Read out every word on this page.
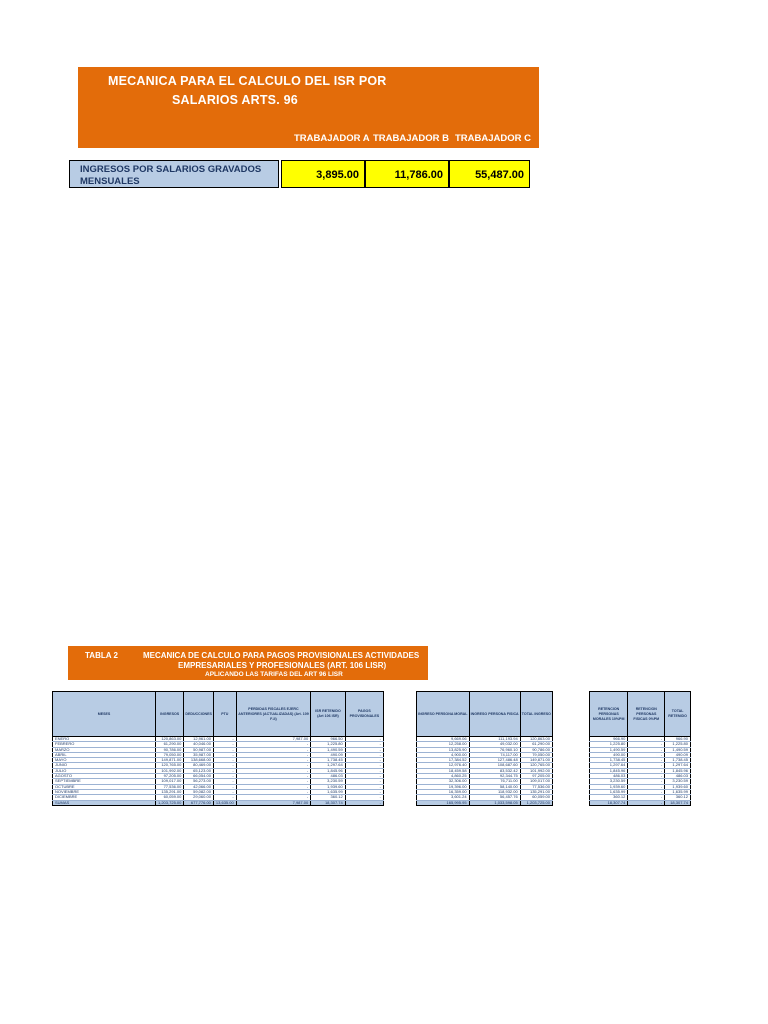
MECANICA PARA EL CALCULO DEL ISR POR
SALARIOS ARTS. 96
TRABAJADOR A TRABAJADOR B TRABAJADOR C
INGRESOS POR SALARIOS GRAVADOS
MENSUALES
3,895.00	11,786.00	55,487.00
TABLA 2	MECANICA DE CALCULO PARA PAGOS PROVISIONALES ACTIVIDADES
EMPRESARIALES Y PROFESIONALES (ART. 106 LISR)
APLICANDO LAS TARIFAS DEL ART 96 LISR
MESES	INGRESOS	DEDUCCIONES	PTU	PERDIDAS FISCALES EJERC ANTERIORES (ACTUALIZADAS) (Art. 109 F-II)	ISR RETENIDO (Art 106 ISR)	PAGOS PROVISIONALES
ENERO	120,863.00	12,961.00	-	7,987.00	966.50	-
FEBRERO	61,290.00	40,046.00	-	-	1,225.80	-
MARZO	90,786.00	50,987.00	-	-	1,490.59	-
ABRIL	79,050.00	35,987.00	-	-	490.09	-
MAYO	149,871.00	138,668.00	-	-	1,738.45	-
JUNIO	120,765.00	80,469.00	-	-	1,297.64	-
JULIO	101,992.00	65,123.00	-	-	1,845.96	-
AGOSTO	97,205.00	66,054.00	-	-	486.03	-
SEPTIEMBRE	109,017.00	56,273.00	-	-	3,230.59	-
OCTUBRE	77,536.00	42,066.00	-	-	1,939.60	-
NOVIEMBRE	135,291.00	59,082.00	-	-	1,635.99	-
DICIEMBRE	60,059.00	29,060.00	-	-	360.12	-
SUMAS	1,203,725.00	677,776.00	13,635.00	7,987.00	18,307.74	-
INGRESO PERSONA MORAL	INGRESO PERSONA FISICA	TOTAL INGRESO
9,669.06	111,193.94	120,863.00
12,258.00	49,032.00	61,290.00
13,825.90	76,960.10	90,786.00
4,900.00	74,117.00	79,050.00
17,384.52	127,486.48	149,871.00
12,976.40	108,687.60	120,765.00
18,459.58	83,532.42	101,992.00
4,860.25	92,344.75	97,205.00
32,306.00	76,711.00	109,017.00
19,396.00	58,140.00	77,536.00
16,359.00	118,932.00	135,291.00
3,601.24	56,457.76	60,059.00
165,995.95	1,033,598.05	1,203,725.00
RETENCION PERSONAS MORALES 10%PM	RETENCION PERSONAS FISICAS 0%PM	TOTAL RETENIDO
966.90	-	966.90
1,225.80	-	1,225.80
1,490.59	-	1,490.59
490.00	-	490.09
1,738.45	-	1,738.45
1,297.64	-	1,297.64
1,845.96	-	1,845.96
486.03	-	486.03
3,230.59	-	3,230.59
1,939.60	-	1,939.60
1,635.99	-	1,635.99
360.12	-	360.12
18,307.74	-	18,307.74
